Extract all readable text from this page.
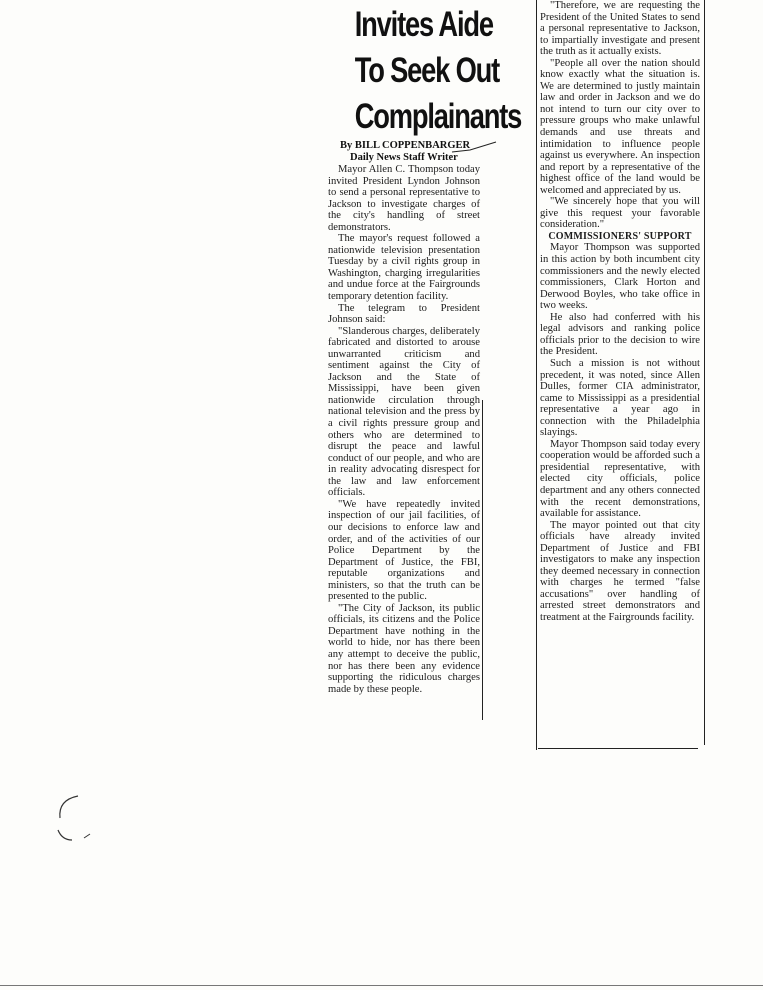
Invites Aide
To Seek Out
Complainants
By BILL COPPENBARGER
Daily News Staff Writer

Mayor Allen C. Thompson today invited President Lyndon Johnson to send a personal representative to Jackson to investigate charges of the city's handling of street demonstrators.

The mayor's request followed a nationwide television presentation Tuesday by a civil rights group in Washington, charging irregularities and undue force at the Fairgrounds temporary detention facility.

The telegram to President Johnson said:

"Slanderous charges, deliberately fabricated and distorted to arouse unwarranted criticism and sentiment against the City of Jackson and the State of Mississippi, have been given nationwide circulation through national television and the press by a civil rights pressure group and others who are determined to disrupt the peace and lawful conduct of our people, and who are in reality advocating disrespect for the law and law enforcement officials.

"We have repeatedly invited inspection of our jail facilities, of our decisions to enforce law and order, and of the activities of our Police Department by the Department of Justice, the FBI, reputable organizations and ministers, so that the truth can be presented to the public.

"The City of Jackson, its public officials, its citizens and the Police Department have nothing in the world to hide, nor has there been any attempt to deceive the public, nor has there been any evidence supporting the ridiculous charges made by these people.

"Therefore, we are requesting the President of the United States to send a personal representative to Jackson, to impartially investigate and present the truth as it actually exists.

"People all over the nation should know exactly what the situation is. We are determined to justly maintain law and order in Jackson and we do not intend to turn our city over to pressure groups who make unlawful demands and use threats and intimidation to influence people against us everywhere. An inspection and report by a representative of the highest office of the land would be welcomed and appreciated by us.

"We sincerely hope that you will give this request your favorable consideration."

COMMISSIONERS' SUPPORT

Mayor Thompson was supported in this action by both incumbent city commissioners and the newly elected commissioners, Clark Horton and Derwood Boyles, who take office in two weeks.

He also had conferred with his legal advisors and ranking police officials prior to the decision to wire the President.

Such a mission is not without precedent, it was noted, since Allen Dulles, former CIA administrator, came to Mississippi as a presidential representative a year ago in connection with the Philadelphia slayings.

Mayor Thompson said today every cooperation would be afforded such a presidential representative, with elected city officials, police department and any others connected with the recent demonstrations, available for assistance.

The mayor pointed out that city officials have already invited Department of Justice and FBI investigators to make any inspection they deemed necessary in connection with charges he termed "false accusations" over handling of arrested street demonstrators and treatment at the Fairgrounds facility.
